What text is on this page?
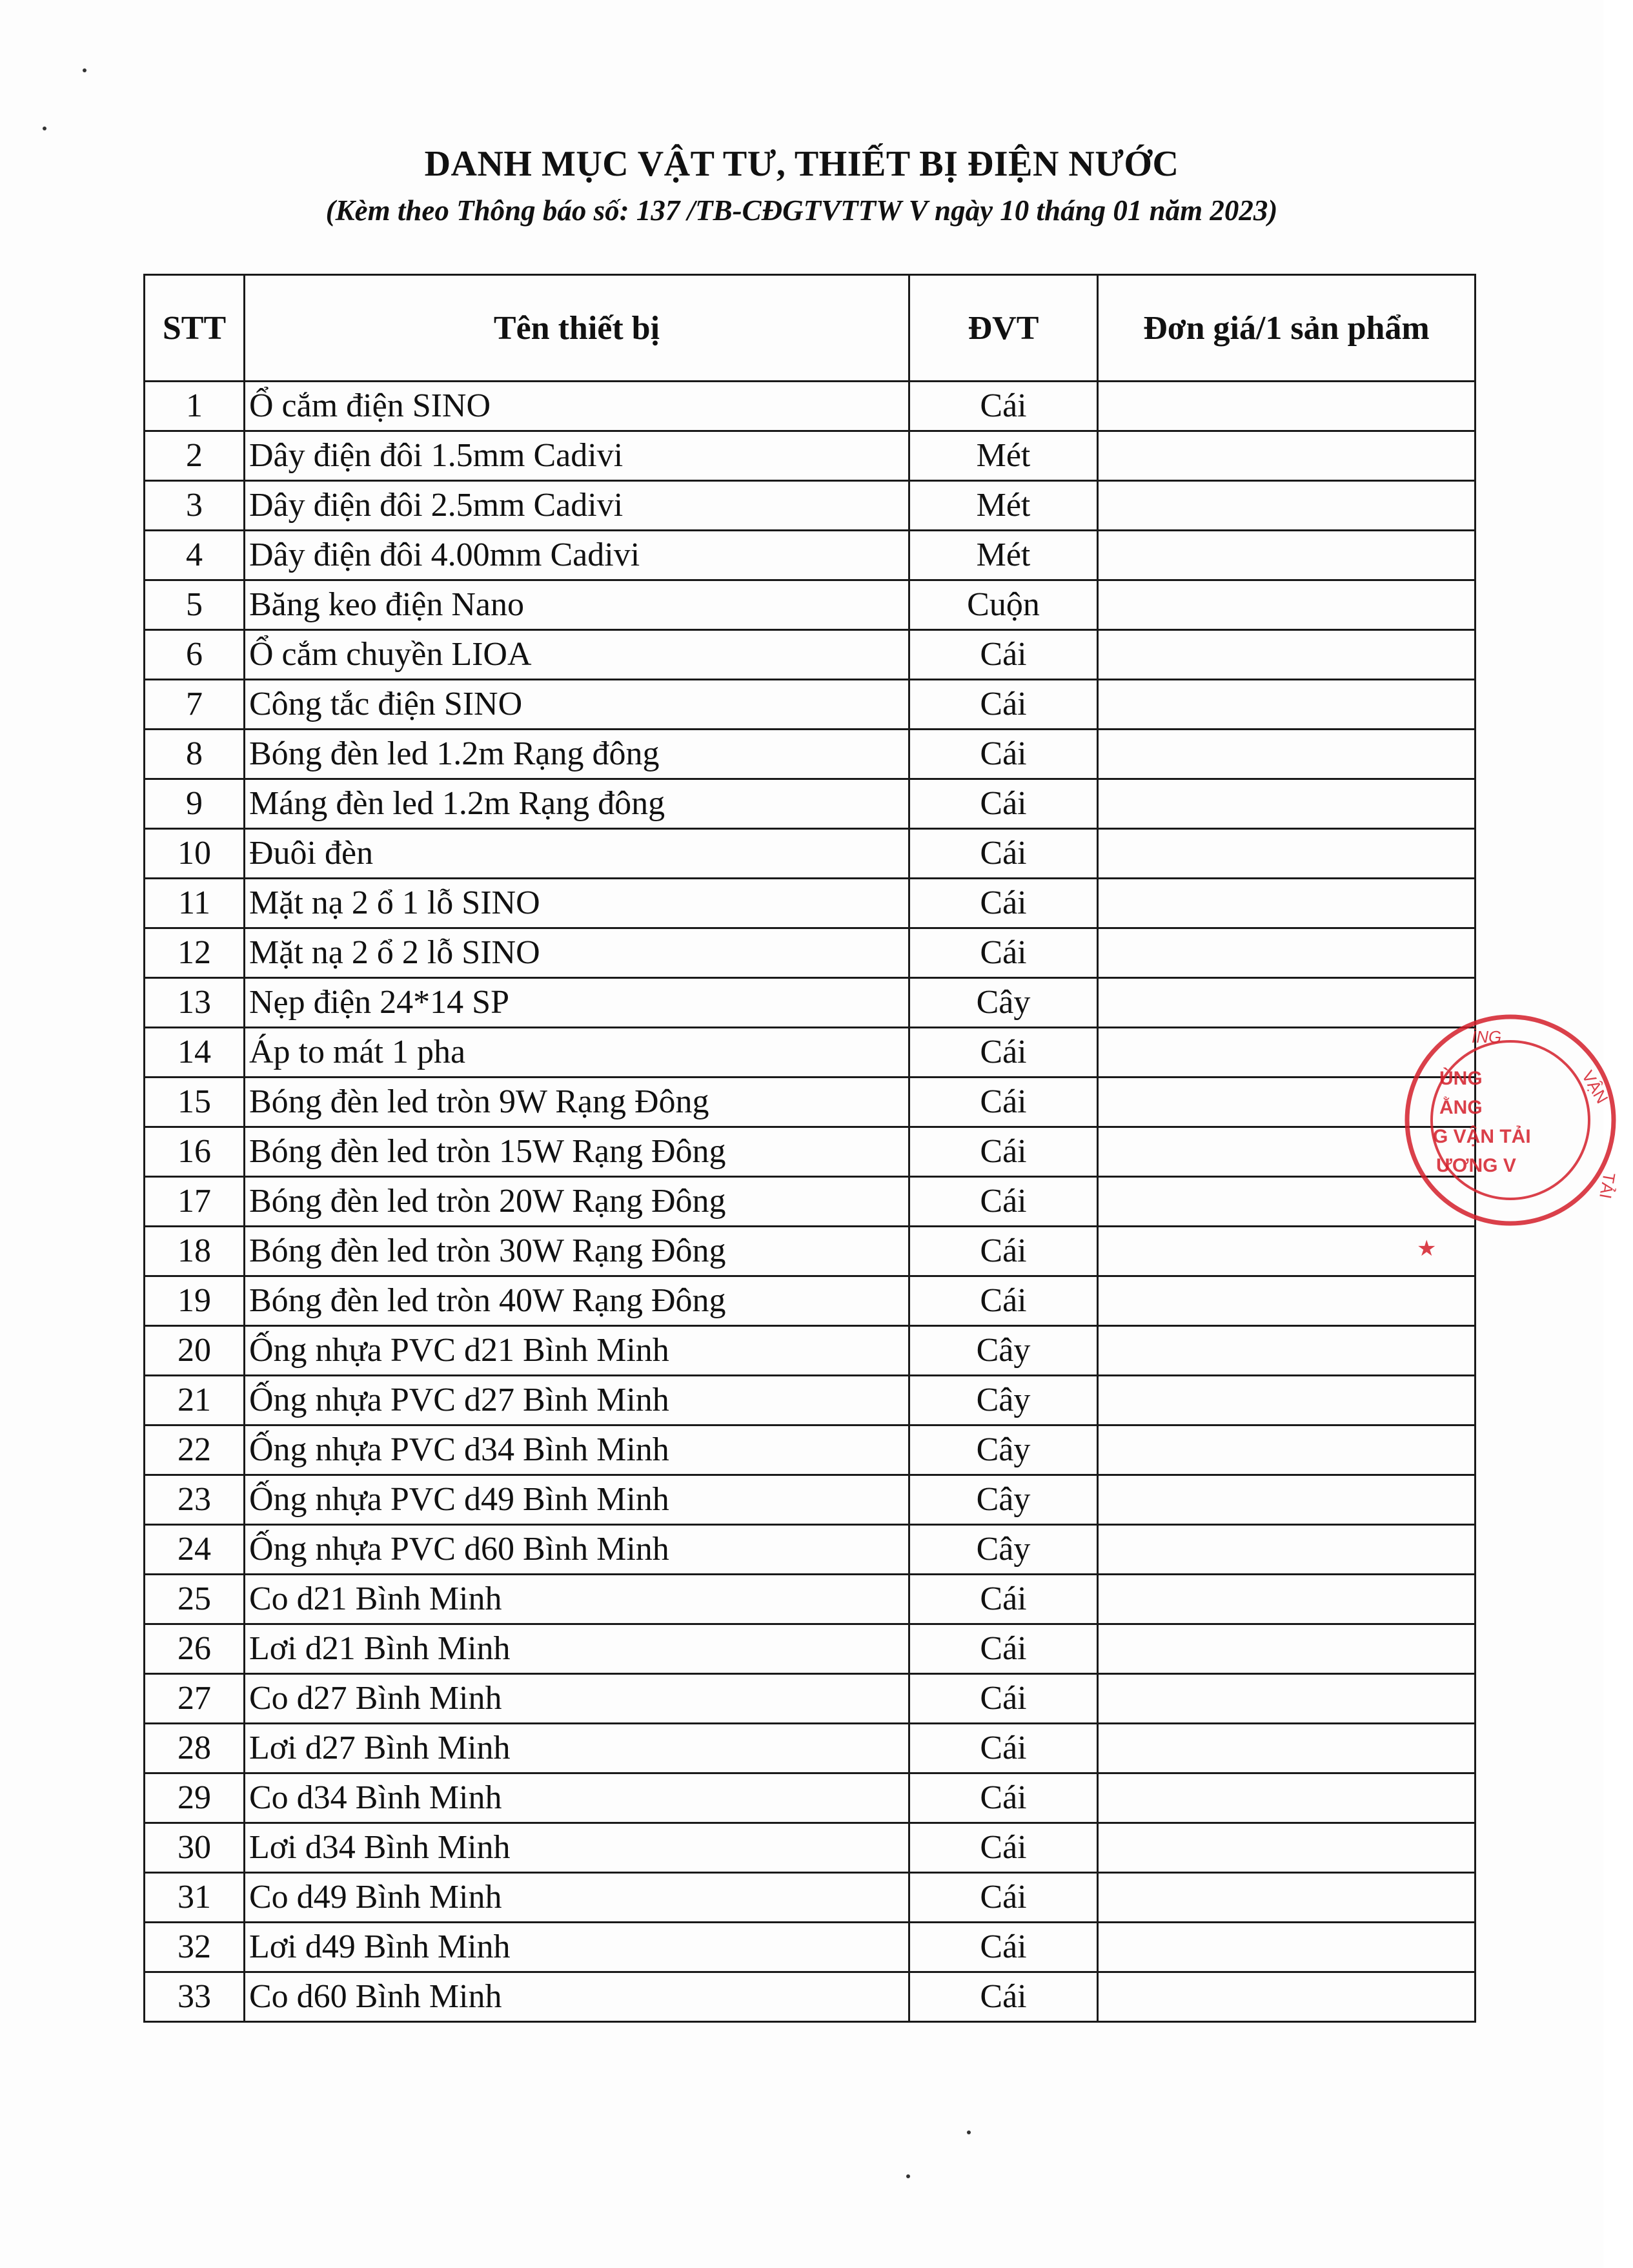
DANH MỤC VẬT TƯ, THIẾT BỊ ĐIỆN NƯỚC
(Kèm theo Thông báo số: 137 /TB-CĐGTVTTW V ngày 10 tháng 01 năm 2023)
STT	Tên thiết bị	ĐVT	Đơn giá/1 sản phẩm
1	Ổ cắm điện SINO	Cái	
2	Dây điện đôi 1.5mm Cadivi	Mét	
3	Dây điện đôi 2.5mm Cadivi	Mét	
4	Dây điện đôi 4.00mm Cadivi	Mét	
5	Băng keo điện Nano	Cuộn	
6	Ổ cắm chuyền LIOA	Cái	
7	Công tắc điện SINO	Cái	
8	Bóng đèn led 1.2m Rạng đông	Cái	
9	Máng đèn led 1.2m Rạng đông	Cái	
10	Đuôi đèn	Cái	
11	Mặt nạ 2 ổ 1 lỗ SINO	Cái	
12	Mặt nạ 2 ổ 2 lỗ SINO	Cái	
13	Nẹp điện 24*14 SP	Cây	
14	Áp to mát 1 pha	Cái	
15	Bóng đèn led tròn 9W Rạng Đông	Cái	
16	Bóng đèn led tròn 15W Rạng Đông	Cái	
17	Bóng đèn led tròn 20W Rạng Đông	Cái	
18	Bóng đèn led tròn 30W Rạng Đông	Cái	
19	Bóng đèn led tròn 40W Rạng Đông	Cái	
20	Ống nhựa PVC d21 Bình Minh	Cây	
21	Ống nhựa PVC d27 Bình Minh	Cây	
22	Ống nhựa PVC d34 Bình Minh	Cây	
23	Ống nhựa PVC d49 Bình Minh	Cây	
24	Ống nhựa PVC d60 Bình Minh	Cây	
25	Co d21 Bình Minh	Cái	
26	Lơi d21 Bình Minh	Cái	
27	Co d27 Bình Minh	Cái	
28	Lơi d27 Bình Minh	Cái	
29	Co d34 Bình Minh	Cái	
30	Lơi d34 Bình Minh	Cái	
31	Co d49 Bình Minh	Cái	
32	Lơi d49 Bình Minh	Cái	
33	Co d60 Bình Minh	Cái	
ÌNG
VẬN
TẢI
ÙNG
ẰNG
G VẬN TẢI
ƯƠNG V
★
